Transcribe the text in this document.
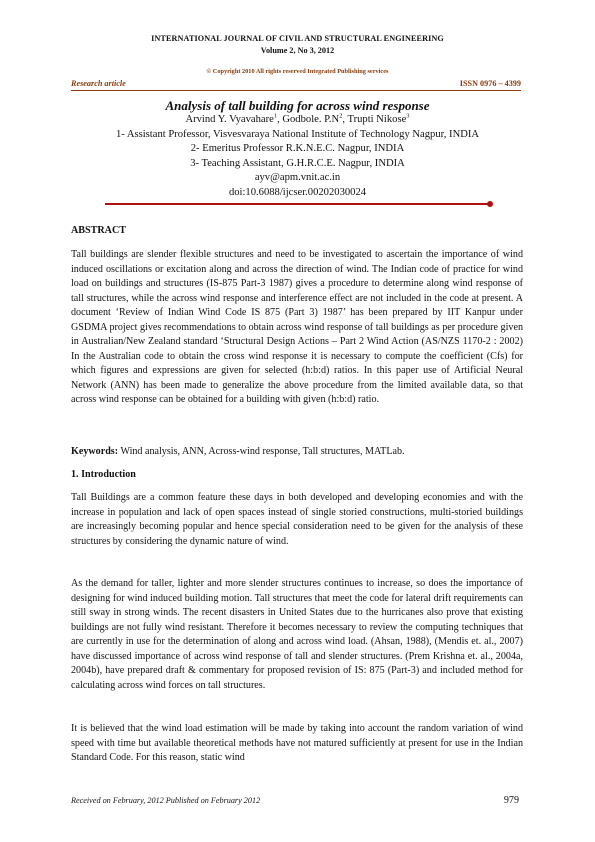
INTERNATIONAL JOURNAL OF CIVIL AND STRUCTURAL ENGINEERING
Volume 2, No 3, 2012
© Copyright 2010 All rights reserved Integrated Publishing services
Research article	ISSN 0976 – 4399
Analysis of tall building for across wind response
Arvind Y. Vyavahare$^1$, Godbole. $P.N^2$, Trupti Nikose$^3$
1- Assistant Professor, Visvesvaraya National Institute of Technology Nagpur, INDIA
2- Emeritus Professor R.K.N.E.C. Nagpur, INDIA
3- Teaching Assistant, G.H.R.C.E. Nagpur, INDIA
ayv@apm.vnit.ac.in
doi:10.6088/ijcser.00202030024
ABSTRACT
Tall buildings are slender flexible structures and need to be investigated to ascertain the importance of wind induced oscillations or excitation along and across the direction of wind. The Indian code of practice for wind load on buildings and structures (IS-875 Part-3 1987) gives a procedure to determine along wind response of tall structures, while the across wind response and interference effect are not included in the code at present. A document ‘Review of Indian Wind Code IS 875 (Part 3) 1987’ has been prepared by IIT Kanpur under GSDMA project gives recommendations to obtain across wind response of tall buildings as per procedure given in Australian/New Zealand standard ‘Structural Design Actions – Part 2 Wind Action (AS/NZS 1170-2 : 2002) In the Australian code to obtain the cross wind response it is necessary to compute the coefficient (Cfs) for which figures and expressions are given for selected (h:b:d) ratios. In this paper use of Artificial Neural Network (ANN) has been made to generalize the above procedure from the limited available data, so that across wind response can be obtained for a building with given (h:b:d) ratio.
Keywords: Wind analysis, ANN, Across-wind response, Tall structures, MATLab.
1. Introduction
Tall Buildings are a common feature these days in both developed and developing economies and with the increase in population and lack of open spaces instead of single storied constructions, multi-storied buildings are increasingly becoming popular and hence special consideration need to be given for the analysis of these structures by considering the dynamic nature of wind.
As the demand for taller, lighter and more slender structures continues to increase, so does the importance of designing for wind induced building motion. Tall structures that meet the code for lateral drift requirements can still sway in strong winds. The recent disasters in United States due to the hurricanes also prove that existing buildings are not fully wind resistant. Therefore it becomes necessary to review the computing techniques that are currently in use for the determination of along and across wind load. (Ahsan, 1988), (Mendis et. al., 2007) have discussed importance of across wind response of tall and slender structures. (Prem Krishna et. al., 2004a, 2004b), have prepared draft & commentary for proposed revision of IS: 875 (Part-3) and included method for calculating across wind forces on tall structures.
It is believed that the wind load estimation will be made by taking into account the random variation of wind speed with time but available theoretical methods have not matured sufficiently at present for use in the Indian Standard Code. For this reason, static wind
Received on February, 2012 Published on February 2012	979
